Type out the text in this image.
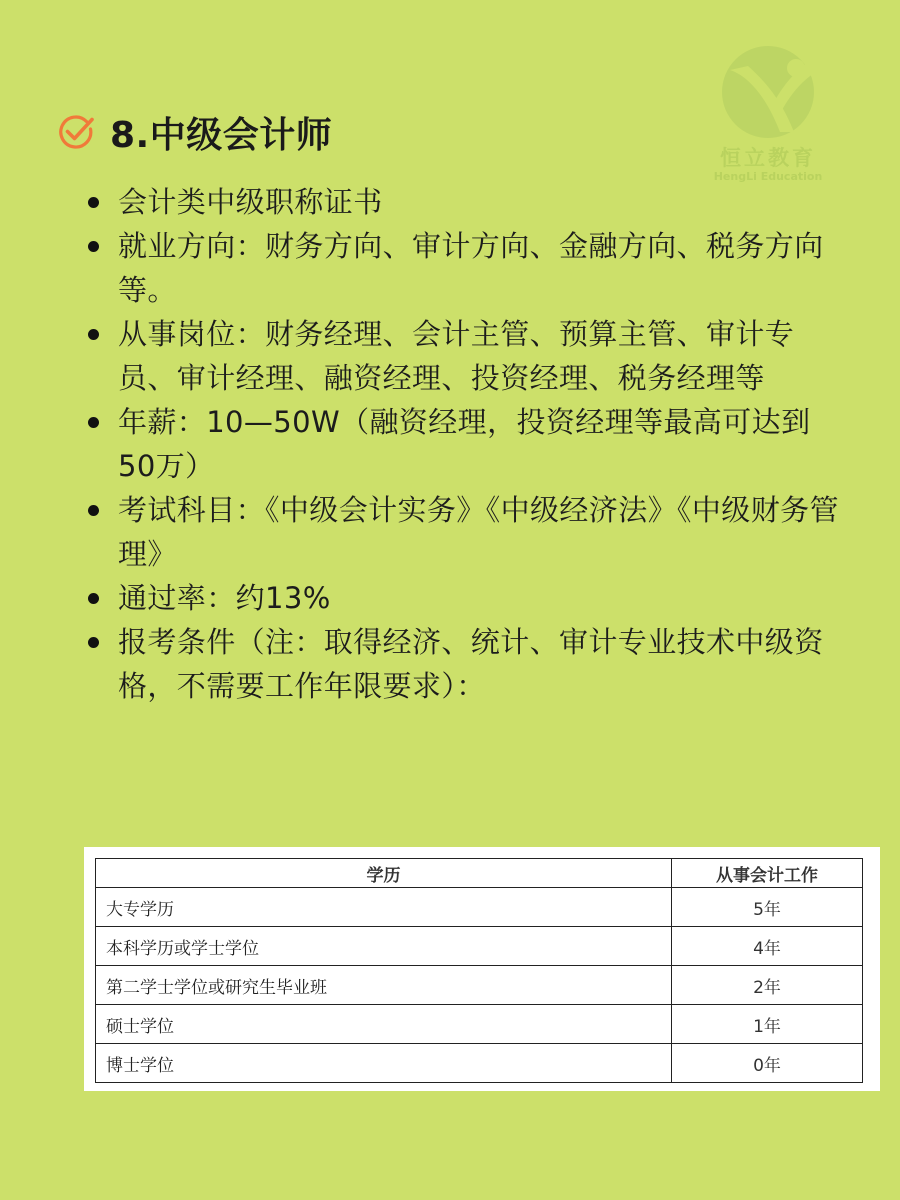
恒立教育
HengLi Education
8.中级会计师
会计类中级职称证书
就业方向：财务方向、审计方向、金融方向、税务方向等。
从事岗位：财务经理、会计主管、预算主管、审计专员、审计经理、融资经理、投资经理、税务经理等
年薪：10—50W（融资经理，投资经理等最高可达到50万）
考试科目：《中级会计实务》《中级经济法》《中级财务管理》
通过率：约13%
报考条件（注：取得经济、统计、审计专业技术中级资格，不需要工作年限要求）：
学历	从事会计工作
大专学历	5年
本科学历或学士学位	4年
第二学士学位或研究生毕业班	2年
硕士学位	1年
博士学位	0年
